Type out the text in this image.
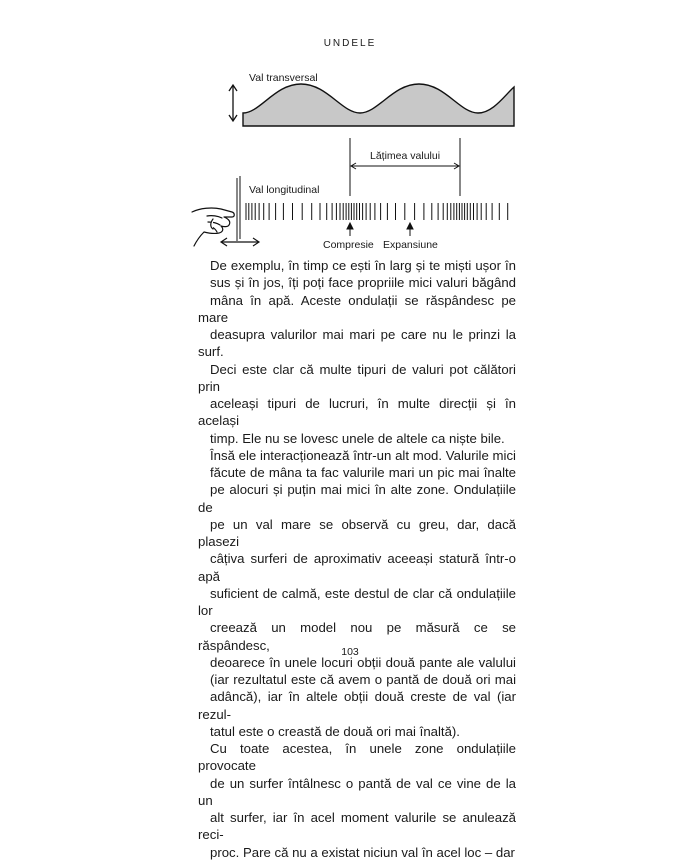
UNDELE
Val transversal
Lățimea valului
Val longitudinal
Compresie Expansiune

De exemplu, în timp ce ești în larg și te miști ușor în
sus și în jos, îți poți face propriile mici valuri băgând
mâna în apă. Aceste ondulații se răspândesc pe mare
deasupra valurilor mai mari pe care nu le prinzi la surf.
Deci este clar că multe tipuri de valuri pot călători prin
aceleași tipuri de lucruri, în multe direcții și în același
timp. Ele nu se lovesc unele de altele ca niște bile.

Însă ele interacționează într-un alt mod. Valurile mici
făcute de mâna ta fac valurile mari un pic mai înalte
pe alocuri și puțin mai mici în alte zone. Ondulațiile de
pe un val mare se observă cu greu, dar, dacă plasezi
câțiva surferi de aproximativ aceeași statură într-o apă
suficient de calmă, este destul de clar că ondulațiile lor
creează un model nou pe măsură ce se răspândesc,
deoarece în unele locuri obții două pante ale valului
(iar rezultatul este că avem o pantă de două ori mai
adâncă), iar în altele obții două creste de val (iar rezul-
tatul este o creastă de două ori mai înaltă).

Cu toate acestea, în unele zone ondulațiile provocate
de un surfer întâlnesc o pantă de val ce vine de la un
alt surfer, iar în acel moment valurile se anulează reci-
proc. Pare că nu a existat niciun val în acel loc – dar

103
